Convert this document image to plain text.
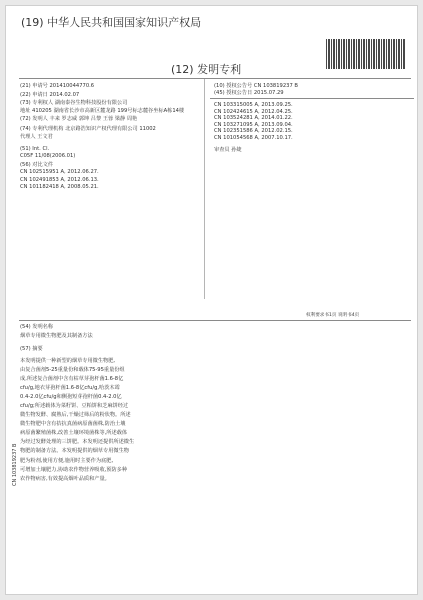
(19) 中华人民共和国国家知识产权局
(12) 发明专利
(21) 申请号 201410044770.6
(22) 申请日 2014.02.07
(73) 专利权人 湖南泰谷生物科技股份有限公司
地址 410205 湖南省长沙市高新区麓龙路 199号标志麓谷坐标A栋14楼
(72) 发明人 丰来 罗志威 郭坤 吕黎 王蓉 梁静 周艳
(74) 专利代理机构 北京路浩知识产权代理有限公司 11002
代理人 王文君
(51) Int. Cl.
C05F 11/08(2006.01)
(56) 对比文件
CN 102515951 A, 2012.06.27.
CN 102491853 A, 2012.06.13.
CN 101182418 A, 2008.05.21.
(10) 授权公告号 CN 103819237 B
(45) 授权公告日 2015.07.29
CN 103315005 A, 2013.09.25.
CN 102424615 A, 2012.04.25.
CN 103524281 A, 2014.01.22.
CN 103271095 A, 2013.09.04.
CN 102351586 A, 2012.02.15.
CN 101054568 A, 2007.10.17.
审查员 孙婕
权利要求书1页 说明书4页
(54) 发明名称
烟草专用微生物肥及其制备方法
(57) 摘要
本发明提供一种新型的烟草专用微生物肥,
由复合菌剂5-25重量份和载体75-95重量份组
成,所述复合菌剂中含有枯草芽孢杆菌1.6-8亿
cfu/g,地衣芽孢杆菌1.6-8亿cfu/g,哈茨木霉
0.4-2.0亿cfu/g和侧孢短芽孢杆菌0.4-2.0亿
cfu/g;所述载体为菜籽饼、豆粕饼和芝麻饼经过
微生物发酵、腐熟后,干燥过筛后的粉状物。所述
微生物肥中含有拮抗真菌病原菌菌株,防治土壤
病原菌繁殖菌株,改善土壤环境菌株等,所述载体
为经过发酵处理的三饼肥。本发明还提供所述微生
物肥的制备方法。本发明提供的烟草专用微生物
肥为粉剂,使用方便,施用时主要作为底肥,
可增加土壤肥力,协助农作物营养吸收,预防多种
农作物病害,有效提高烟叶品质和产量。
CN 103819237 B
